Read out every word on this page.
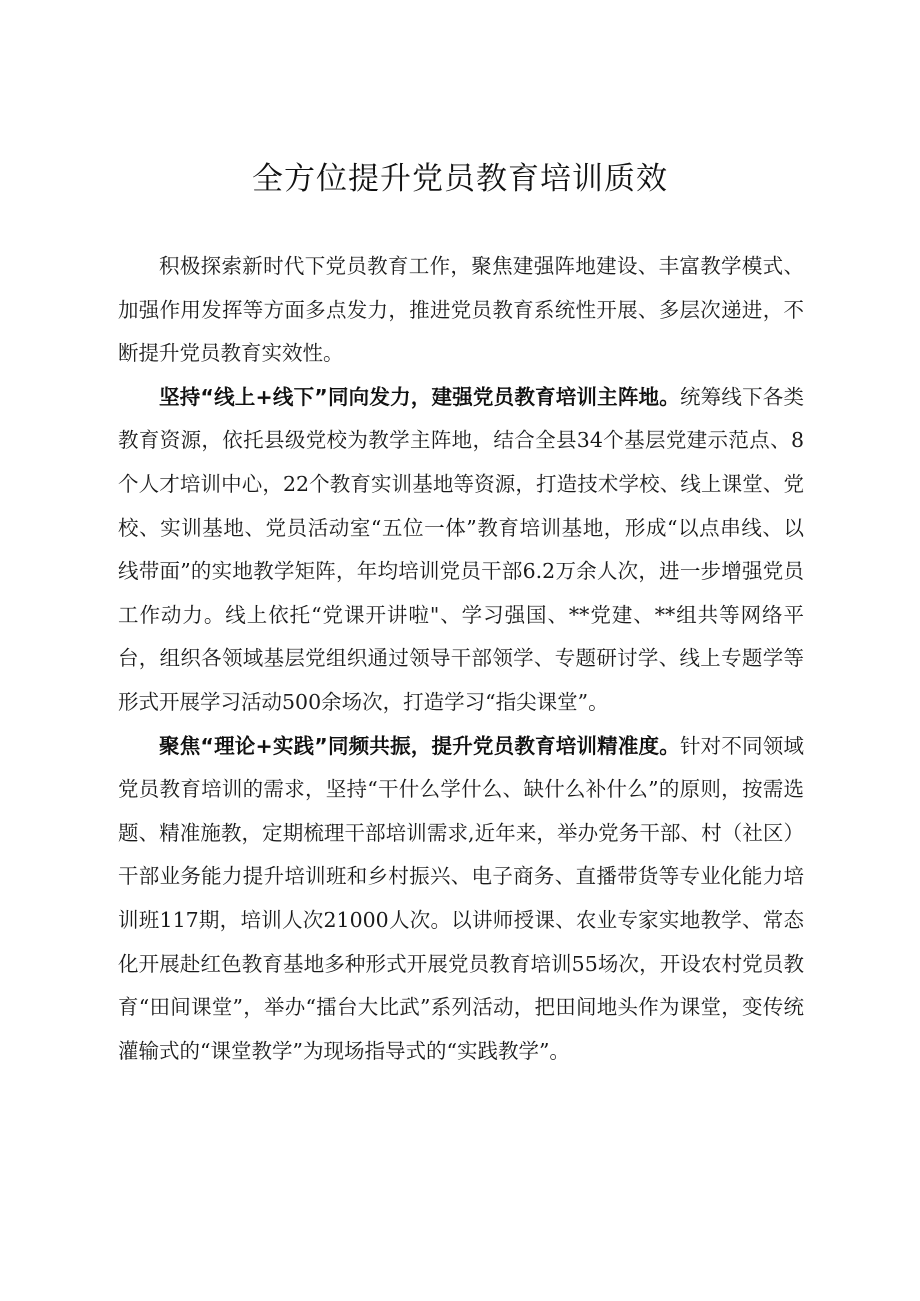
全方位提升党员教育培训质效

积极探索新时代下党员教育工作，聚焦建强阵地建设、丰富教学模式、加强作用发挥等方面多点发力，推进党员教育系统性开展、多层次递进，不断提升党员教育实效性。

坚持“线上+线下”同向发力，建强党员教育培训主阵地。统筹线下各类教育资源，依托县级党校为教学主阵地，结合全县34个基层党建示范点、8个人才培训中心，22个教育实训基地等资源，打造技术学校、线上课堂、党校、实训基地、党员活动室“五位一体”教育培训基地，形成“以点串线、以线带面”的实地教学矩阵，年均培训党员干部6.2万余人次，进一步增强党员工作动力。线上依托“党课开讲啦"、学习强国、**党建、**组共等网络平台，组织各领域基层党组织通过领导干部领学、专题研讨学、线上专题学等形式开展学习活动500余场次，打造学习“指尖课堂”。

聚焦“理论+实践”同频共振，提升党员教育培训精准度。针对不同领域党员教育培训的需求，坚持“干什么学什么、缺什么补什么”的原则，按需选题、精准施教，定期梳理干部培训需求,近年来，举办党务干部、村（社区）干部业务能力提升培训班和乡村振兴、电子商务、直播带货等专业化能力培训班117期，培训人次21000人次。以讲师授课、农业专家实地教学、常态化开展赴红色教育基地多种形式开展党员教育培训55场次，开设农村党员教育“田间课堂”，举办“擂台大比武”系列活动，把田间地头作为课堂，变传统灌输式的“课堂教学”为现场指导式的“实践教学”。
